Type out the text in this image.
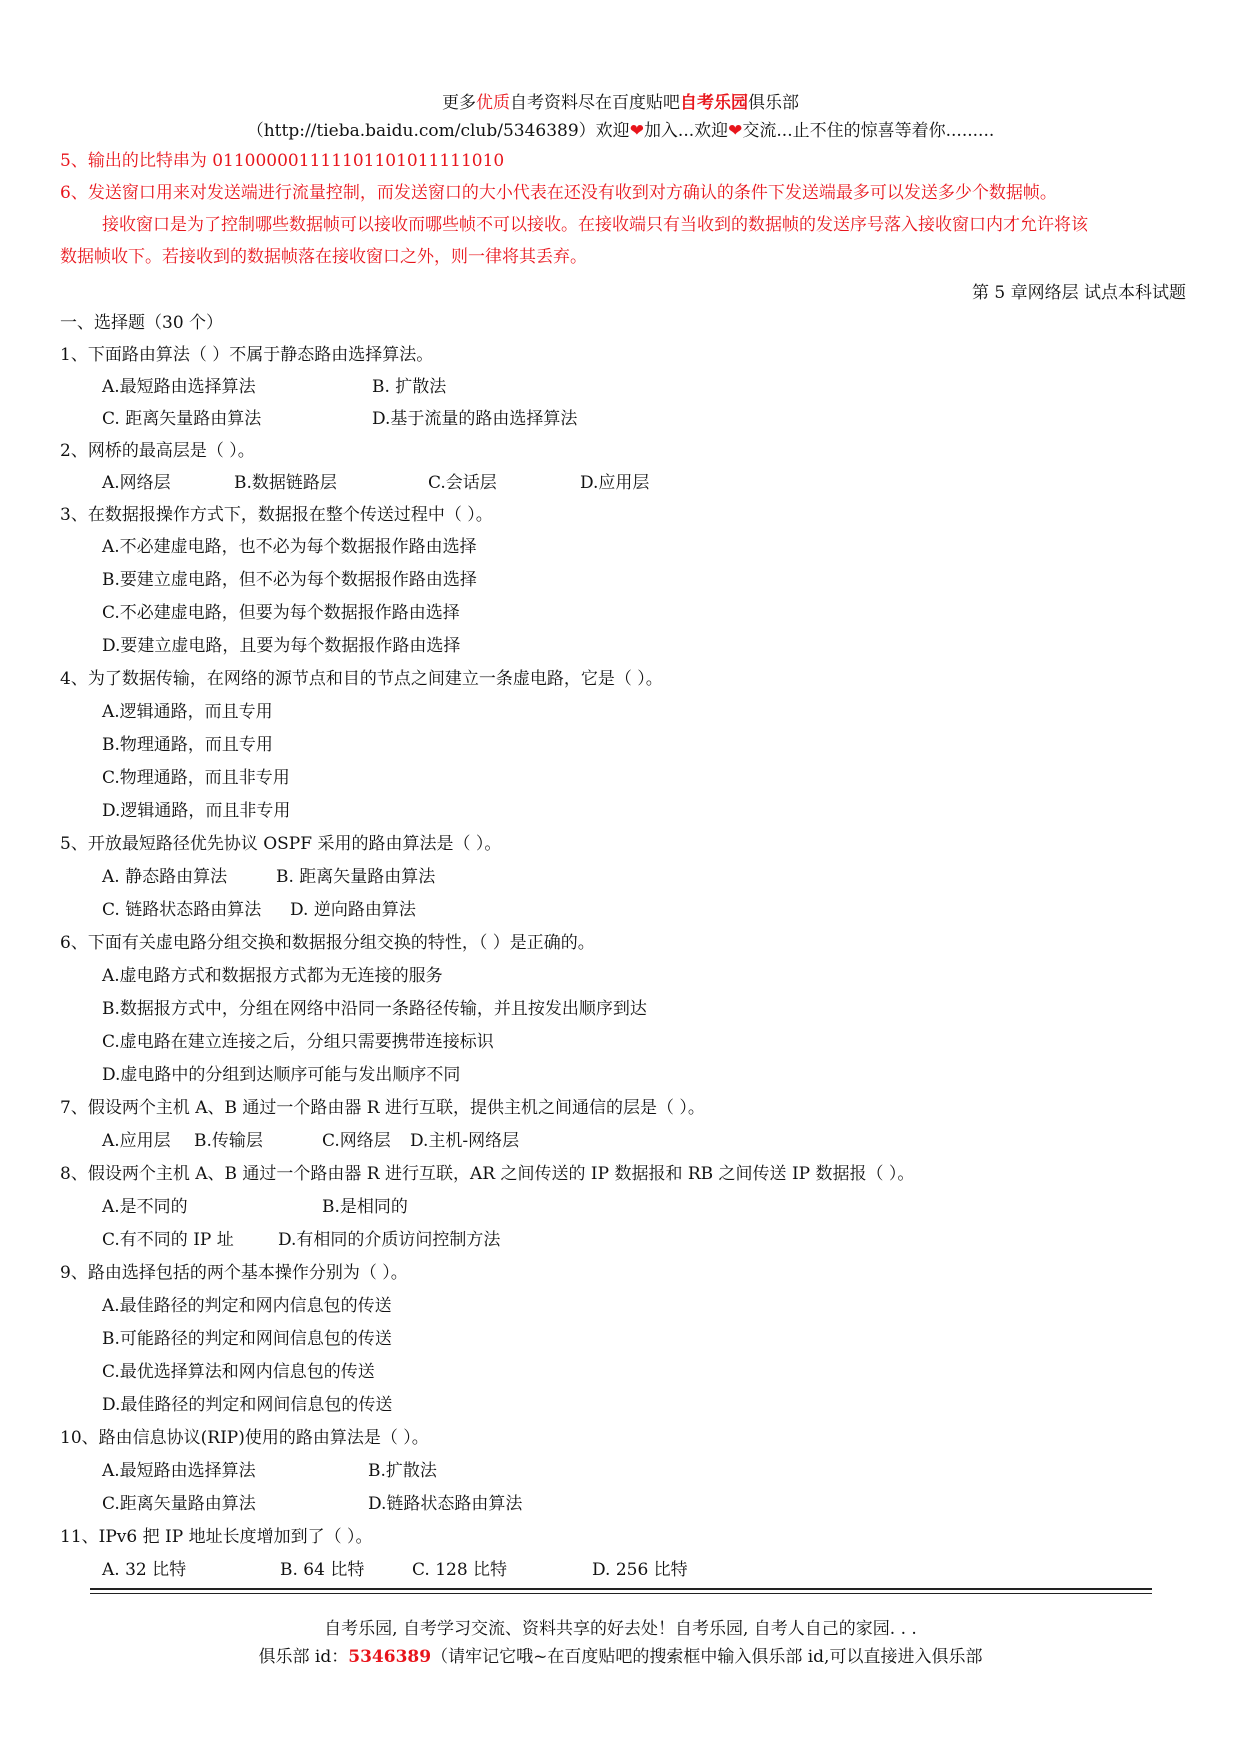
更多优质自考资料尽在百度贴吧自考乐园俱乐部
（http://tieba.baidu.com/club/5346389）欢迎❤加入...欢迎❤交流...止不住的惊喜等着你.........
5、输出的比特串为 011000001111101101011111010
6、发送窗口用来对发送端进行流量控制，而发送窗口的大小代表在还没有收到对方确认的条件下发送端最多可以发送多少个数据帧。
接收窗口是为了控制哪些数据帧可以接收而哪些帧不可以接收。在接收端只有当收到的数据帧的发送序号落入接收窗口内才允许将该
数据帧收下。若接收到的数据帧落在接收窗口之外，则一律将其丢弃。
第 5 章网络层 试点本科试题
一、选择题（30 个）
1、下面路由算法（ ）不属于静态路由选择算法。
A.最短路由选择算法	B. 扩散法
C. 距离矢量路由算法	D.基于流量的路由选择算法
2、网桥的最高层是（ ）。
A.网络层	B.数据链路层	C.会话层	D.应用层
3、在数据报操作方式下，数据报在整个传送过程中（ ）。
A.不必建虚电路，也不必为每个数据报作路由选择
B.要建立虚电路，但不必为每个数据报作路由选择
C.不必建虚电路，但要为每个数据报作路由选择
D.要建立虚电路，且要为每个数据报作路由选择
4、为了数据传输，在网络的源节点和目的节点之间建立一条虚电路，它是（ ）。
A.逻辑通路，而且专用
B.物理通路，而且专用
C.物理通路，而且非专用
D.逻辑通路，而且非专用
5、开放最短路径优先协议 OSPF 采用的路由算法是（ ）。
A. 静态路由算法	B. 距离矢量路由算法
C. 链路状态路由算法 D. 逆向路由算法
6、下面有关虚电路分组交换和数据报分组交换的特性，（ ）是正确的。
A.虚电路方式和数据报方式都为无连接的服务
B.数据报方式中，分组在网络中沿同一条路径传输，并且按发出顺序到达
C.虚电路在建立连接之后，分组只需要携带连接标识
D.虚电路中的分组到达顺序可能与发出顺序不同
7、假设两个主机 A、B 通过一个路由器 R 进行互联，提供主机之间通信的层是（ ）。
A.应用层 B.传输层	C.网络层 D.主机-网络层
8、假设两个主机 A、B 通过一个路由器 R 进行互联，AR 之间传送的 IP 数据报和 RB 之间传送 IP 数据报（ ）。
A.是不同的	B.是相同的
C.有不同的 IP 址	D.有相同的介质访问控制方法
9、路由选择包括的两个基本操作分别为（ ）。
A.最佳路径的判定和网内信息包的传送
B.可能路径的判定和网间信息包的传送
C.最优选择算法和网内信息包的传送
D.最佳路径的判定和网间信息包的传送
10、路由信息协议(RIP)使用的路由算法是（ ）。
A.最短路由选择算法	B.扩散法
C.距离矢量路由算法	D.链路状态路由算法
11、IPv6 把 IP 地址长度增加到了（ ）。
A. 32 比特	B. 64 比特	C. 128 比特	D. 256 比特
自考乐园, 自考学习交流、资料共享的好去处！自考乐园, 自考人自己的家园. . .
俱乐部 id：5346389（请牢记它哦~在百度贴吧的搜索框中输入俱乐部 id,可以直接进入俱乐部
